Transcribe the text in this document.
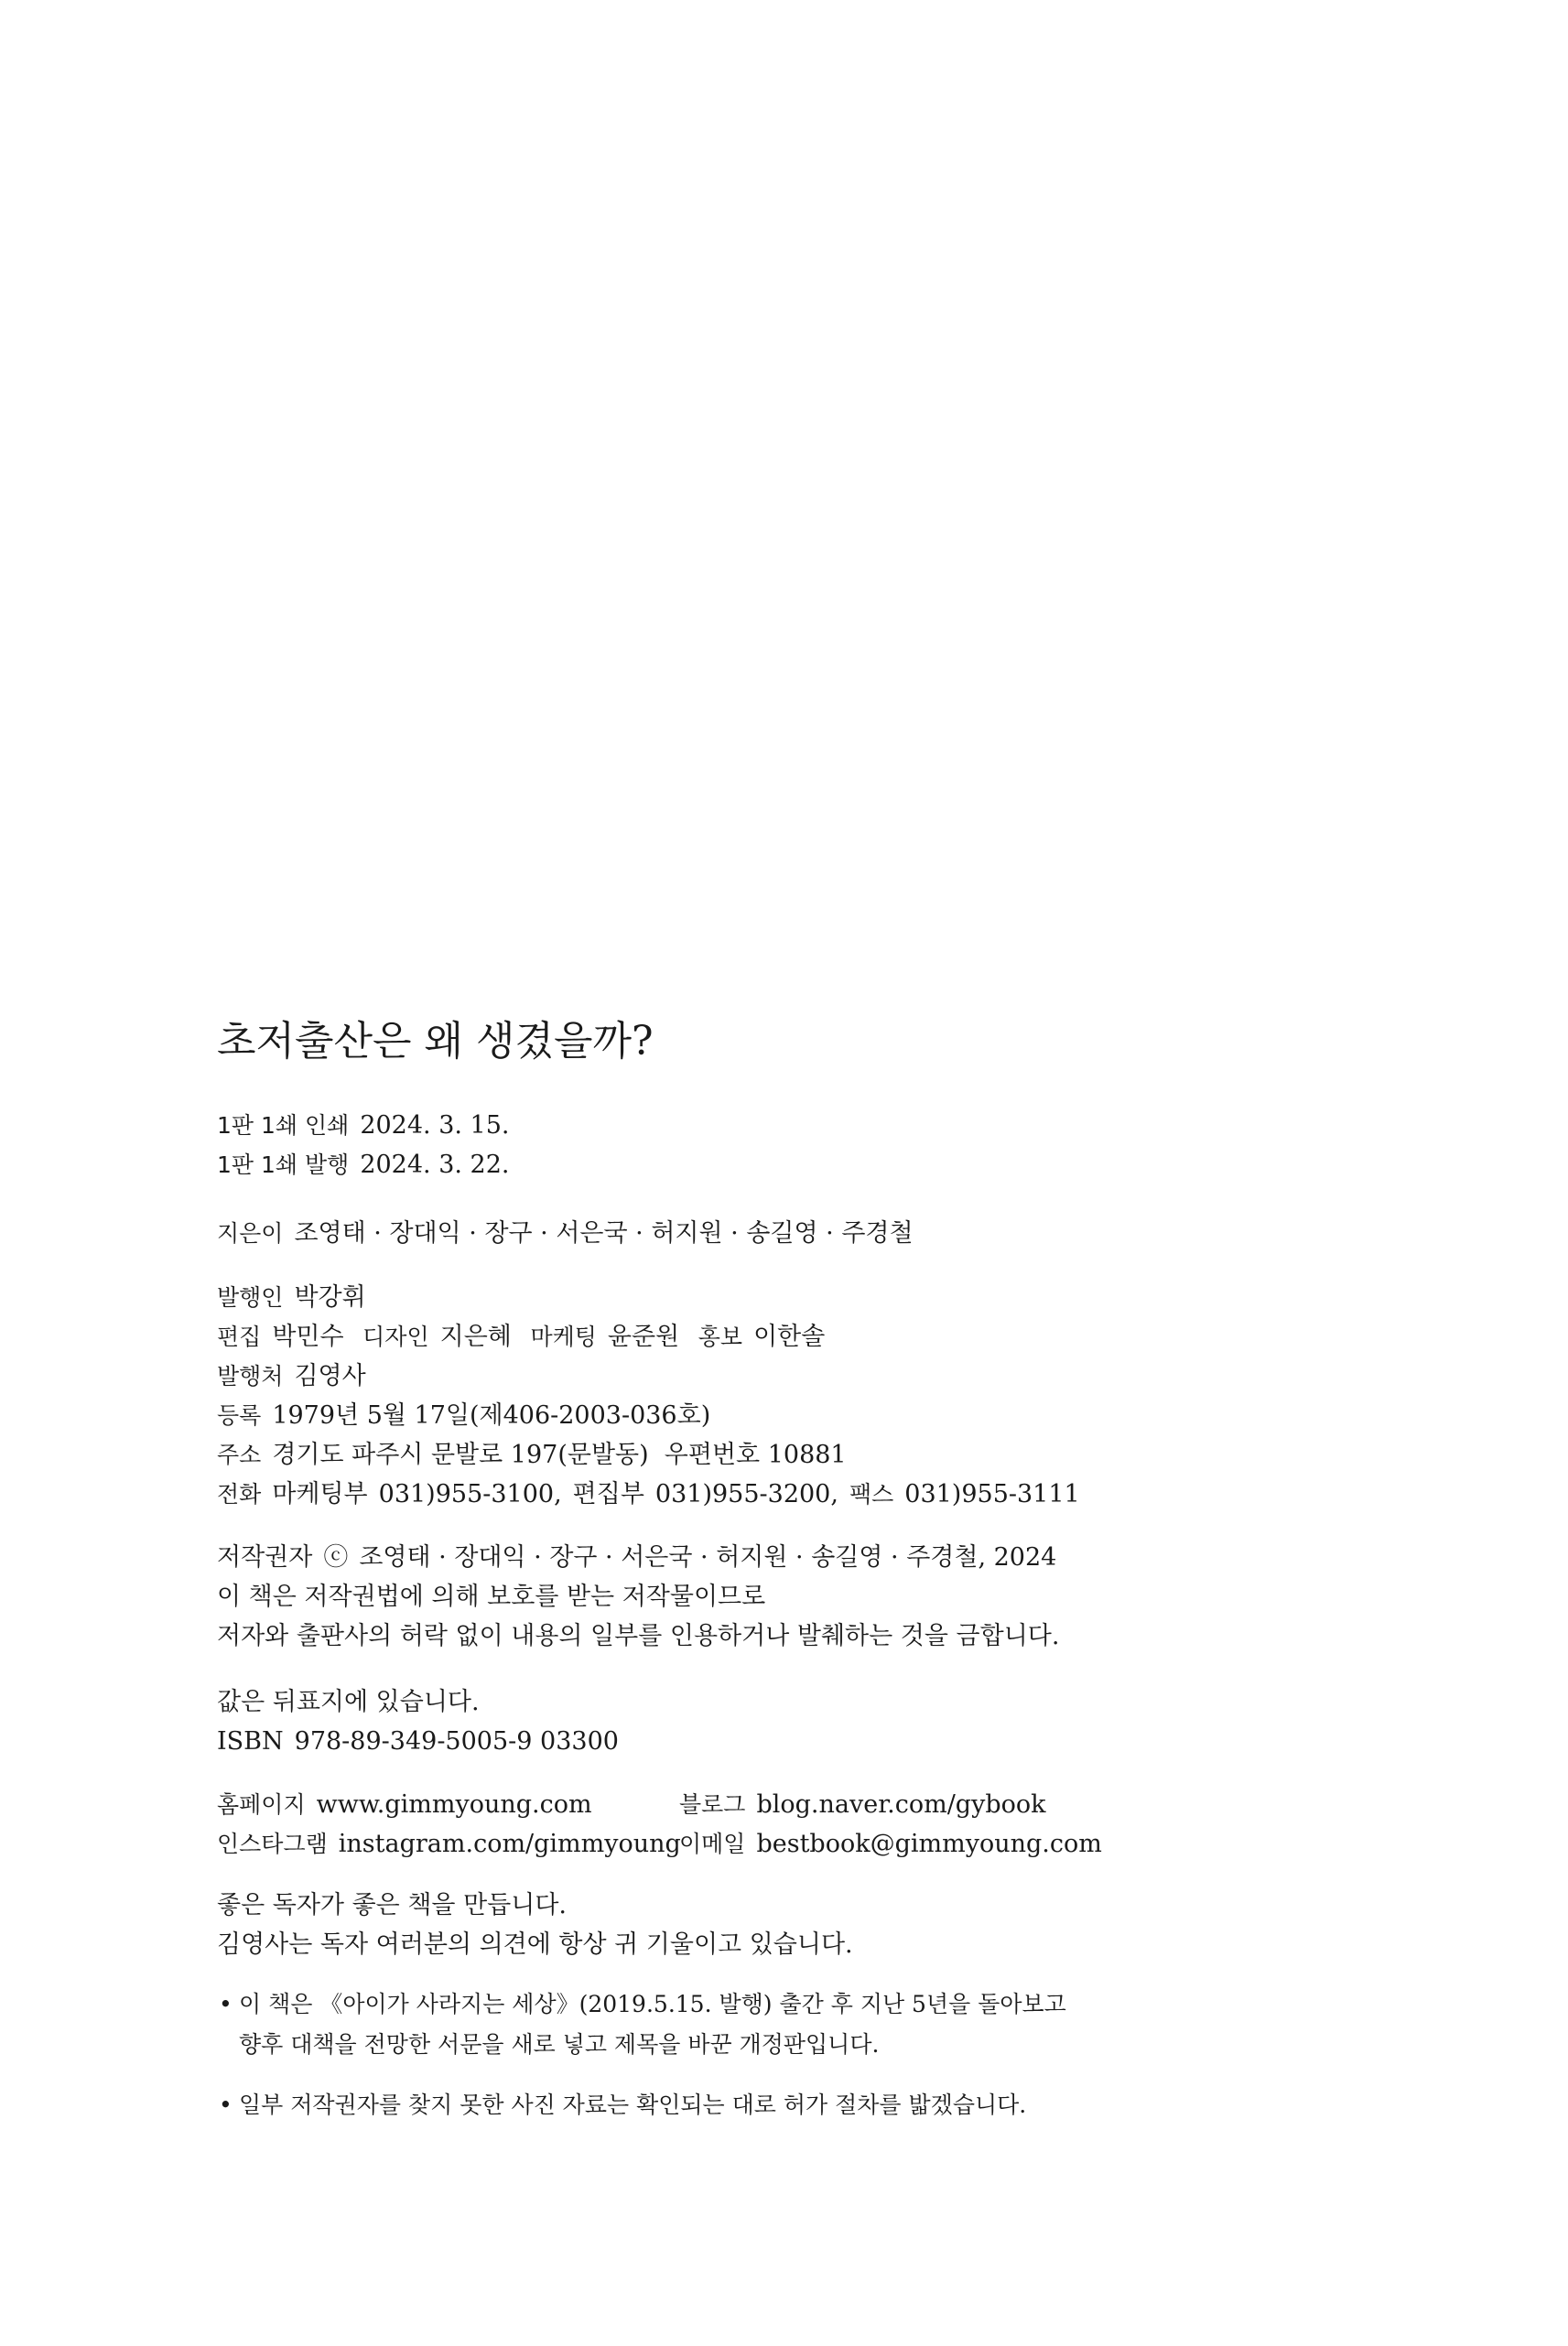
초저출산은 왜 생겼을까?
1판 1쇄 인쇄 2024. 3. 15.
1판 1쇄 발행 2024. 3. 22.
지은이 조영태 · 장대익 · 장구 · 서은국 · 허지원 · 송길영 · 주경철
발행인 박강휘
편집 박민수 디자인 지은혜 마케팅 윤준원 홍보 이한솔
발행처 김영사
등록 1979년 5월 17일(제406-2003-036호)
주소 경기도 파주시 문발로 197(문발동)  우편번호 10881
전화 마케팅부 031)955-3100, 편집부 031)955-3200, 팩스 031)955-3111
저작권자 ⓒ 조영태 · 장대익 · 장구 · 서은국 · 허지원 · 송길영 · 주경철, 2024
이 책은 저작권법에 의해 보호를 받는 저작물이므로
저자와 출판사의 허락 없이 내용의 일부를 인용하거나 발췌하는 것을 금합니다.
값은 뒤표지에 있습니다.
ISBN 978-89-349-5005-9 03300
홈페이지 www.gimmyoung.com	블로그 blog.naver.com/gybook
인스타그램 instagram.com/gimmyoung
이메일 bestbook@gimmyoung.com
좋은 독자가 좋은 책을 만듭니다.
김영사는 독자 여러분의 의견에 항상 귀 기울이고 있습니다.
• 이 책은 《아이가 사라지는 세상》(2019.5.15. 발행) 출간 후 지난 5년을 돌아보고
향후 대책을 전망한 서문을 새로 넣고 제목을 바꾼 개정판입니다.
• 일부 저작권자를 찾지 못한 사진 자료는 확인되는 대로 허가 절차를 밟겠습니다.
